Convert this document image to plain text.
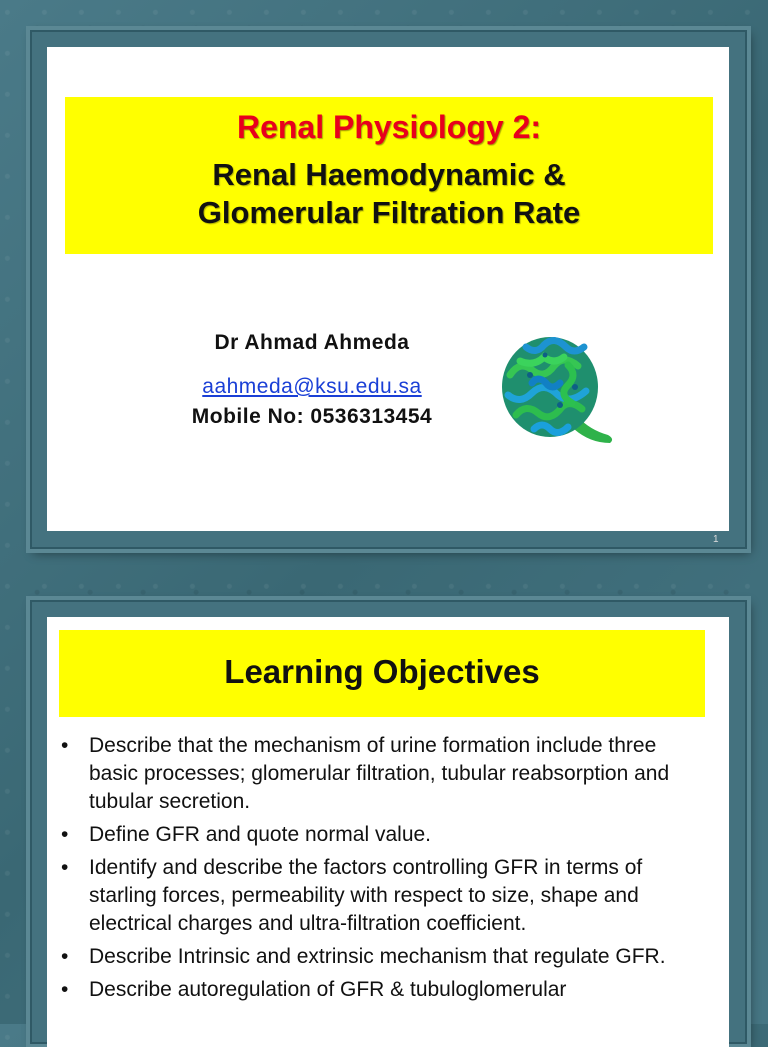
Renal Physiology 2:
Renal Haemodynamic &
Glomerular Filtration Rate
Dr Ahmad Ahmeda
aahmeda@ksu.edu.sa
Mobile No: 0536313454
1
Learning Objectives
• Describe that the mechanism of urine formation include three basic processes; glomerular filtration, tubular reabsorption and tubular secretion.
• Define GFR and quote normal value.
• Identify and describe the factors controlling GFR in terms of starling forces, permeability with respect to size, shape and electrical charges and ultra-filtration coefficient.
• Describe Intrinsic and extrinsic mechanism that regulate GFR.
• Describe autoregulation of GFR & tubuloglomerular
